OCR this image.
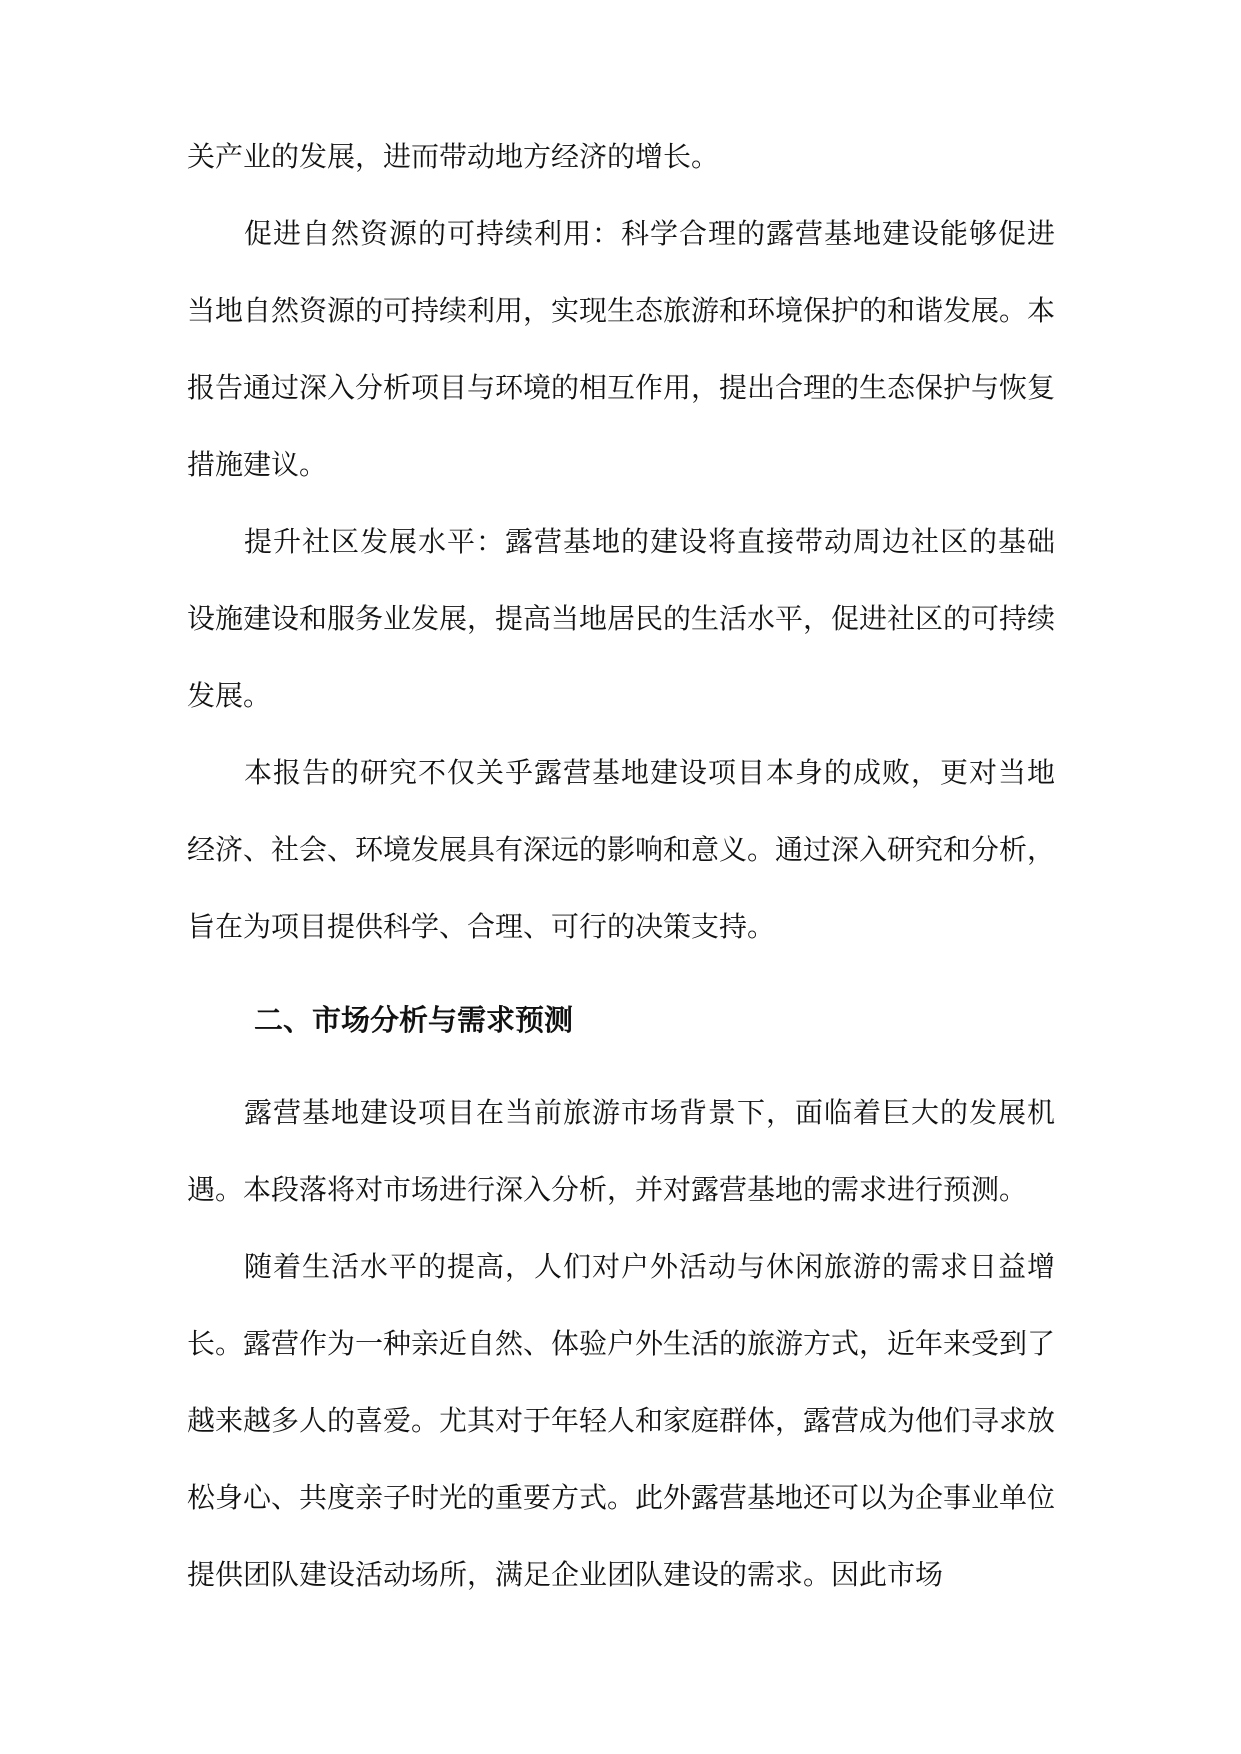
关产业的发展，进而带动地方经济的增长。

促进自然资源的可持续利用：科学合理的露营基地建设能够促进当地自然资源的可持续利用，实现生态旅游和环境保护的和谐发展。本报告通过深入分析项目与环境的相互作用，提出合理的生态保护与恢复措施建议。

提升社区发展水平：露营基地的建设将直接带动周边社区的基础设施建设和服务业发展，提高当地居民的生活水平，促进社区的可持续发展。

本报告的研究不仅关乎露营基地建设项目本身的成败，更对当地经济、社会、环境发展具有深远的影响和意义。通过深入研究和分析，旨在为项目提供科学、合理、可行的决策支持。

二、市场分析与需求预测

露营基地建设项目在当前旅游市场背景下，面临着巨大的发展机遇。本段落将对市场进行深入分析，并对露营基地的需求进行预测。

随着生活水平的提高，人们对户外活动与休闲旅游的需求日益增长。露营作为一种亲近自然、体验户外生活的旅游方式，近年来受到了越来越多人的喜爱。尤其对于年轻人和家庭群体，露营成为他们寻求放松身心、共度亲子时光的重要方式。此外露营基地还可以为企事业单位提供团队建设活动场所，满足企业团队建设的需求。因此市场
